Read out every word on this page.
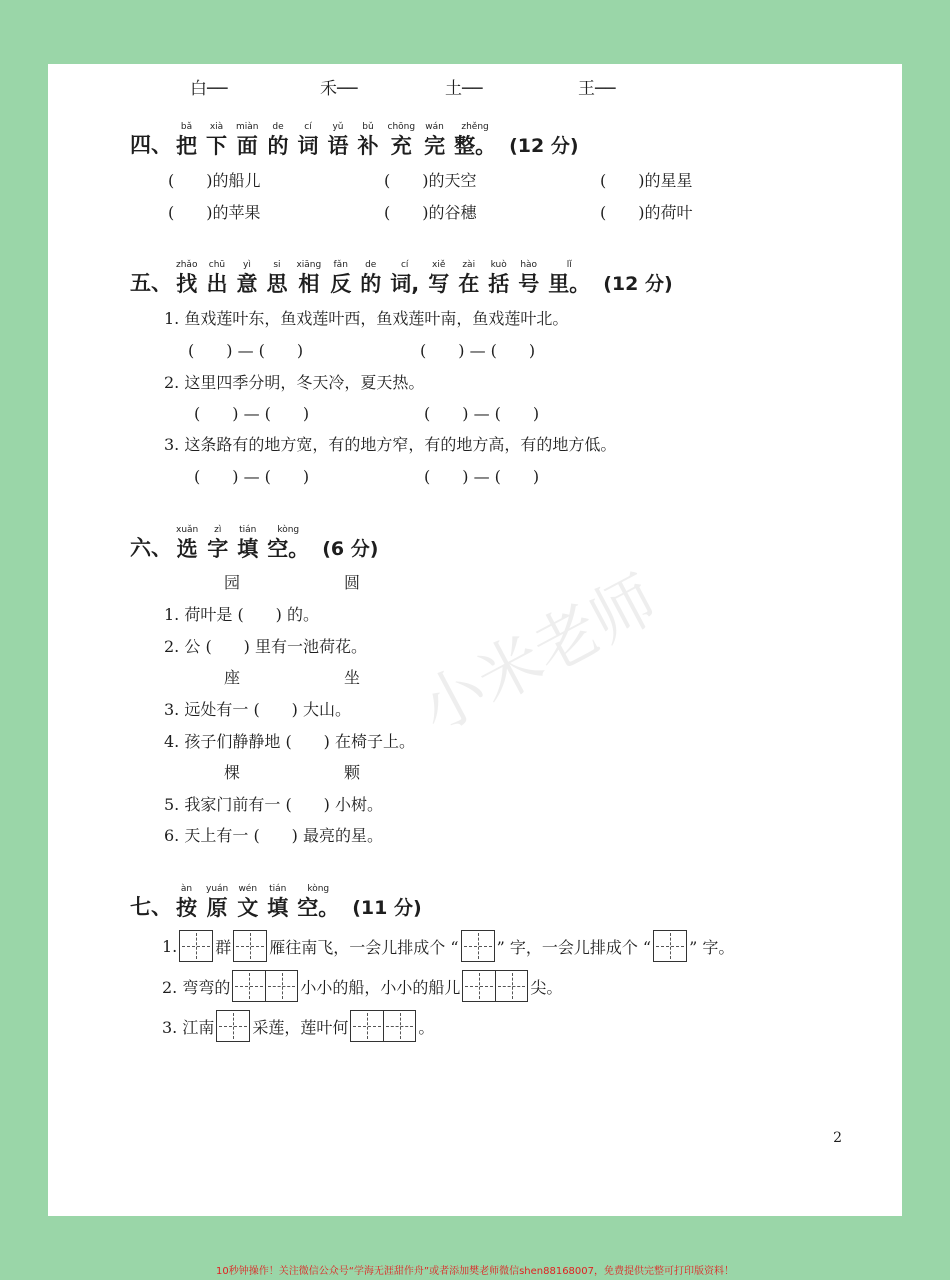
白──	禾──	土──	王──
四、
bǎ
把
xià
下
miàn
面
de
的
cí
词
yǔ
语
bǔ
补
chōng
充
wán
完
zhěng
整。 (12 分)
(　　)的船儿	(　　)的天空	(　　)的星星
(　　)的苹果	(　　)的谷穗	(　　)的荷叶
五、
zhǎo
找
chū
出
yì
意
si
思
xiāng
相
fǎn
反
de
的
cí
词,
xiě
写
zài
在
kuò
括
hào
号
lǐ
里。 (12 分)
1. 鱼戏莲叶东，鱼戏莲叶西，鱼戏莲叶南，鱼戏莲叶北。
(　　) — (　　)	(　　) — (　　)
2. 这里四季分明，冬天冷，夏天热。
(　　) — (　　)	(　　) — (　　)
3. 这条路有的地方宽，有的地方窄，有的地方高，有的地方低。
(　　) — (　　)	(　　) — (　　)
六、
xuǎn
选
zì
字
tián
填
kòng
空。 (6 分)
园	圆
1. 荷叶是 (　　) 的。
2. 公 (　　) 里有一池荷花。
座	坐
3. 远处有一 (　　) 大山。
4. 孩子们静静地 (　　) 在椅子上。
棵	颗
5. 我家门前有一 (　　) 小树。
6. 天上有一 (　　) 最亮的星。
七、
àn
按
yuán
原
wén
文
tián
填
kòng
空。 (11 分)
1. 群 雁往南飞，一会儿排成个 “ ” 字，一会儿排成个 “ ” 字。
2. 弯弯的	小小的船，小小的船儿	尖。
3. 江南 采莲，莲叶何	。
小米老师
2
10秒钟操作！关注微信公众号“学海无涯甜作舟”或者添加樊老师微信shen88168007，免费提供完整可打印版资料！
